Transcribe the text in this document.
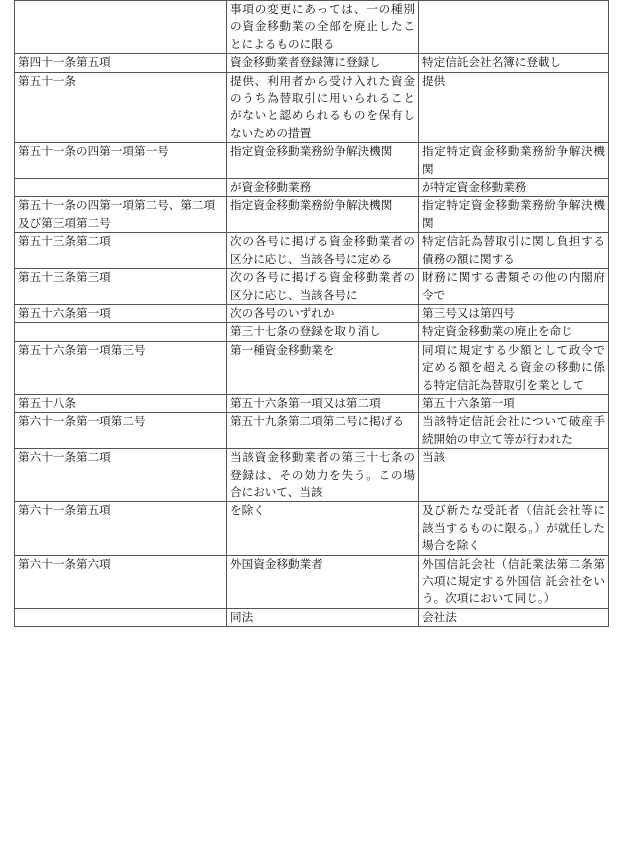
	事項の変更にあっては、一の種別の資金移動業の全部を廃止したことによるものに限る	
第四十一条第五項	資金移動業者登録簿に登録し	特定信託会社名簿に登載し
第五十一条	提供、利用者から受け入れた資金のうち為替取引に用いられることがないと認められるものを保有しないための措置	提供
第五十一条の四第一項第一号	指定資金移動業務紛争解決機関	指定特定資金移動業務紛争解決機関
	が資金移動業務	が特定資金移動業務
第五十一条の四第一項第二号、第二項及び第三項第二号	指定資金移動業務紛争解決機関	指定特定資金移動業務紛争解決機関
第五十三条第二項	次の各号に掲げる資金移動業者の区分に応じ、当該各号に定める	特定信託為替取引に関し負担する債務の額に関する
第五十三条第三項	次の各号に掲げる資金移動業者の区分に応じ、当該各号に	財務に関する書類その他の内閣府令で
第五十六条第一項	次の各号のいずれか	第三号又は第四号
	第三十七条の登録を取り消し	特定資金移動業の廃止を命じ
第五十六条第一項第三号	第一種資金移動業を	同項に規定する少額として政令で定める額を超える資金の移動に係る特定信託為替取引を業として
第五十八条	第五十六条第一項又は第二項	第五十六条第一項
第六十一条第一項第二号	第五十九条第二項第二号に掲げる	当該特定信託会社について破産手続開始の申立て等が行われた
第六十一条第二項	当該資金移動業者の第三十七条の登録は、その効力を失う。この場合において、当該	当該
第六十一条第五項	を除く	及び新たな受託者（信託会社等に該当するものに限る。）が就任した場合を除く
第六十一条第六項	外国資金移動業者	外国信託会社（信託業法第二条第六項に規定する外国信 託会社をいう。次項において同じ。）
	同法	会社法
